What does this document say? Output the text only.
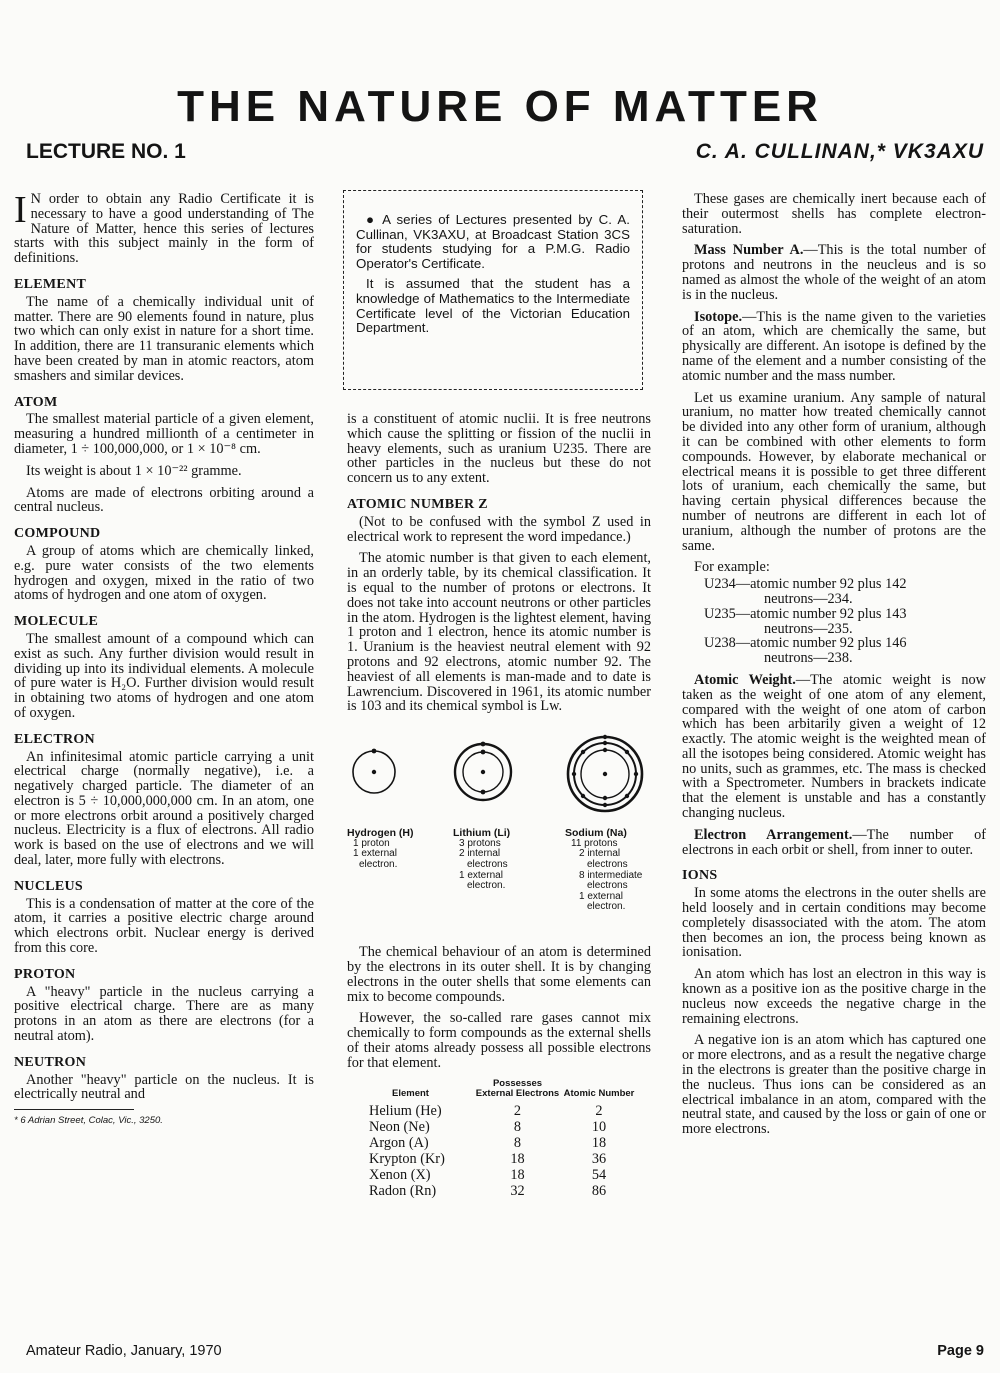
THE NATURE OF MATTER

LECTURE NO. 1	C. A. CULLINAN,* VK3AXU

I N order to obtain any Radio Certificate it is necessary to have a good understanding of The Nature of Matter, hence this series of lectures starts with this subject mainly in the form of definitions.

ELEMENT

The name of a chemically individual unit of matter. There are 90 elements found in nature, plus two which can only exist in nature for a short time. In addition, there are 11 transuranic elements which have been created by man in atomic reactors, atom smashers and similar devices.

ATOM

The smallest material particle of a given element, measuring a hundred millionth of a centimeter in diameter, 1 ÷ 100,000,000, or 1 × 10⁻⁸ cm.

Its weight is about 1 × 10⁻²² gramme.

Atoms are made of electrons orbiting around a central nucleus.

COMPOUND

A group of atoms which are chemically linked, e.g. pure water consists of the two elements hydrogen and oxygen, mixed in the ratio of two atoms of hydrogen and one atom of oxygen.

MOLECULE

The smallest amount of a compound which can exist as such. Any further division would result in dividing up into its individual elements. A molecule of pure water is H₂O. Further division would result in obtaining two atoms of hydrogen and one atom of oxygen.

ELECTRON

An infinitesimal atomic particle carrying a unit electrical charge (normally negative), i.e. a negatively charged particle. The diameter of an electron is 5 ÷ 10,000,000,000 cm. In an atom, one or more electrons orbit around a positively charged nucleus. Electricity is a flux of electrons. All radio work is based on the use of electrons and we will deal, later, more fully with electrons.

NUCLEUS

This is a condensation of matter at the core of the atom, it carries a positive electric charge around which electrons orbit. Nuclear energy is derived from this core.

PROTON

A "heavy" particle in the nucleus carrying a positive electrical charge. There are as many protons in an atom as there are electrons (for a neutral atom).

NEUTRON

Another "heavy" particle on the nucleus. It is electrically neutral and

* 6 Adrian Street, Colac, Vic., 3250.

● A series of Lectures presented by C. A. Cullinan, VK3AXU, at Broadcast Station 3CS for students studying for a P.M.G. Radio Operator's Certificate.

It is assumed that the student has a knowledge of Mathematics to the Intermediate Certificate level of the Victorian Education Department.

is a constituent of atomic nuclii. It is free neutrons which cause the splitting or fission of the nuclii in heavy elements, such as uranium U235. There are other particles in the nucleus but these do not concern us to any extent.

ATOMIC NUMBER Z

(Not to be confused with the symbol Z used in electrical work to represent the word impedance.)

The atomic number is that given to each element, in an orderly table, by its chemical classification. It is equal to the number of protons or electrons. It does not take into account neutrons or other particles in the atom. Hydrogen is the lightest element, having 1 proton and 1 electron, hence its atomic number is 1. Uranium is the heaviest neutral element with 92 protons and 92 electrons, atomic number 92. The heaviest of all elements is man-made and to date is Lawrencium. Discovered in 1961, its atomic number is 103 and its chemical symbol is Lw.

Hydrogen (H)
1 proton
1 external
electron.
Lithium (Li)
3 protons
2 internal
electrons
1 external
electron.
Sodium (Na)
11 protons
2 internal
electrons
8 intermediate
electrons
1 external
electron.

The chemical behaviour of an atom is determined by the electrons in its outer shell. It is by changing electrons in the outer shells that some elements can mix to become compounds.

However, the so-called rare gases cannot mix chemically to form compounds as the external shells of their atoms already possess all possible electrons for that element.

Element	Possesses External Electrons	Atomic Number
Helium (He)	2	2
Neon (Ne)	8	10
Argon (A)	8	18
Krypton (Kr)	18	36
Xenon (X)	18	54
Radon (Rn)	32	86

These gases are chemically inert because each of their outermost shells has complete electron-saturation.

Mass Number A.—This is the total number of protons and neutrons in the neucleus and is so named as almost the whole of the weight of an atom is in the nucleus.

Isotope.—This is the name given to the varieties of an atom, which are chemically the same, but physically are different. An isotope is defined by the name of the element and a number consisting of the atomic number and the mass number.

Let us examine uranium. Any sample of natural uranium, no matter how treated chemically cannot be divided into any other form of uranium, although it can be combined with other elements to form compounds. However, by elaborate mechanical or electrical means it is possible to get three different lots of uranium, each chemically the same, but having certain physical differences because the number of neutrons are different in each lot of uranium, although the number of protons are the same.

For example:

U234—atomic number 92 plus 142

neutrons—234.

U235—atomic number 92 plus 143

neutrons—235.

U238—atomic number 92 plus 146

neutrons—238.

Atomic Weight.—The atomic weight is now taken as the weight of one atom of any element, compared with the weight of one atom of carbon which has been arbitarily given a weight of 12 exactly. The atomic weight is the weighted mean of all the isotopes being considered. Atomic weight has no units, such as grammes, etc. The mass is checked with a Spectrometer. Numbers in brackets indicate that the element is unstable and has a constantly changing nucleus.

Electron Arrangement.—The number of electrons in each orbit or shell, from inner to outer.

IONS

In some atoms the electrons in the outer shells are held loosely and in certain conditions may become completely disassociated with the atom. The atom then becomes an ion, the process being known as ionisation.

An atom which has lost an electron in this way is known as a positive ion as the positive charge in the nucleus now exceeds the negative charge in the remaining electrons.

A negative ion is an atom which has captured one or more electrons, and as a result the negative charge in the electrons is greater than the positive charge in the nucleus. Thus ions can be considered as an electrical imbalance in an atom, compared with the neutral state, and caused by the loss or gain of one or more electrons.

Amateur Radio, January, 1970	Page 9
